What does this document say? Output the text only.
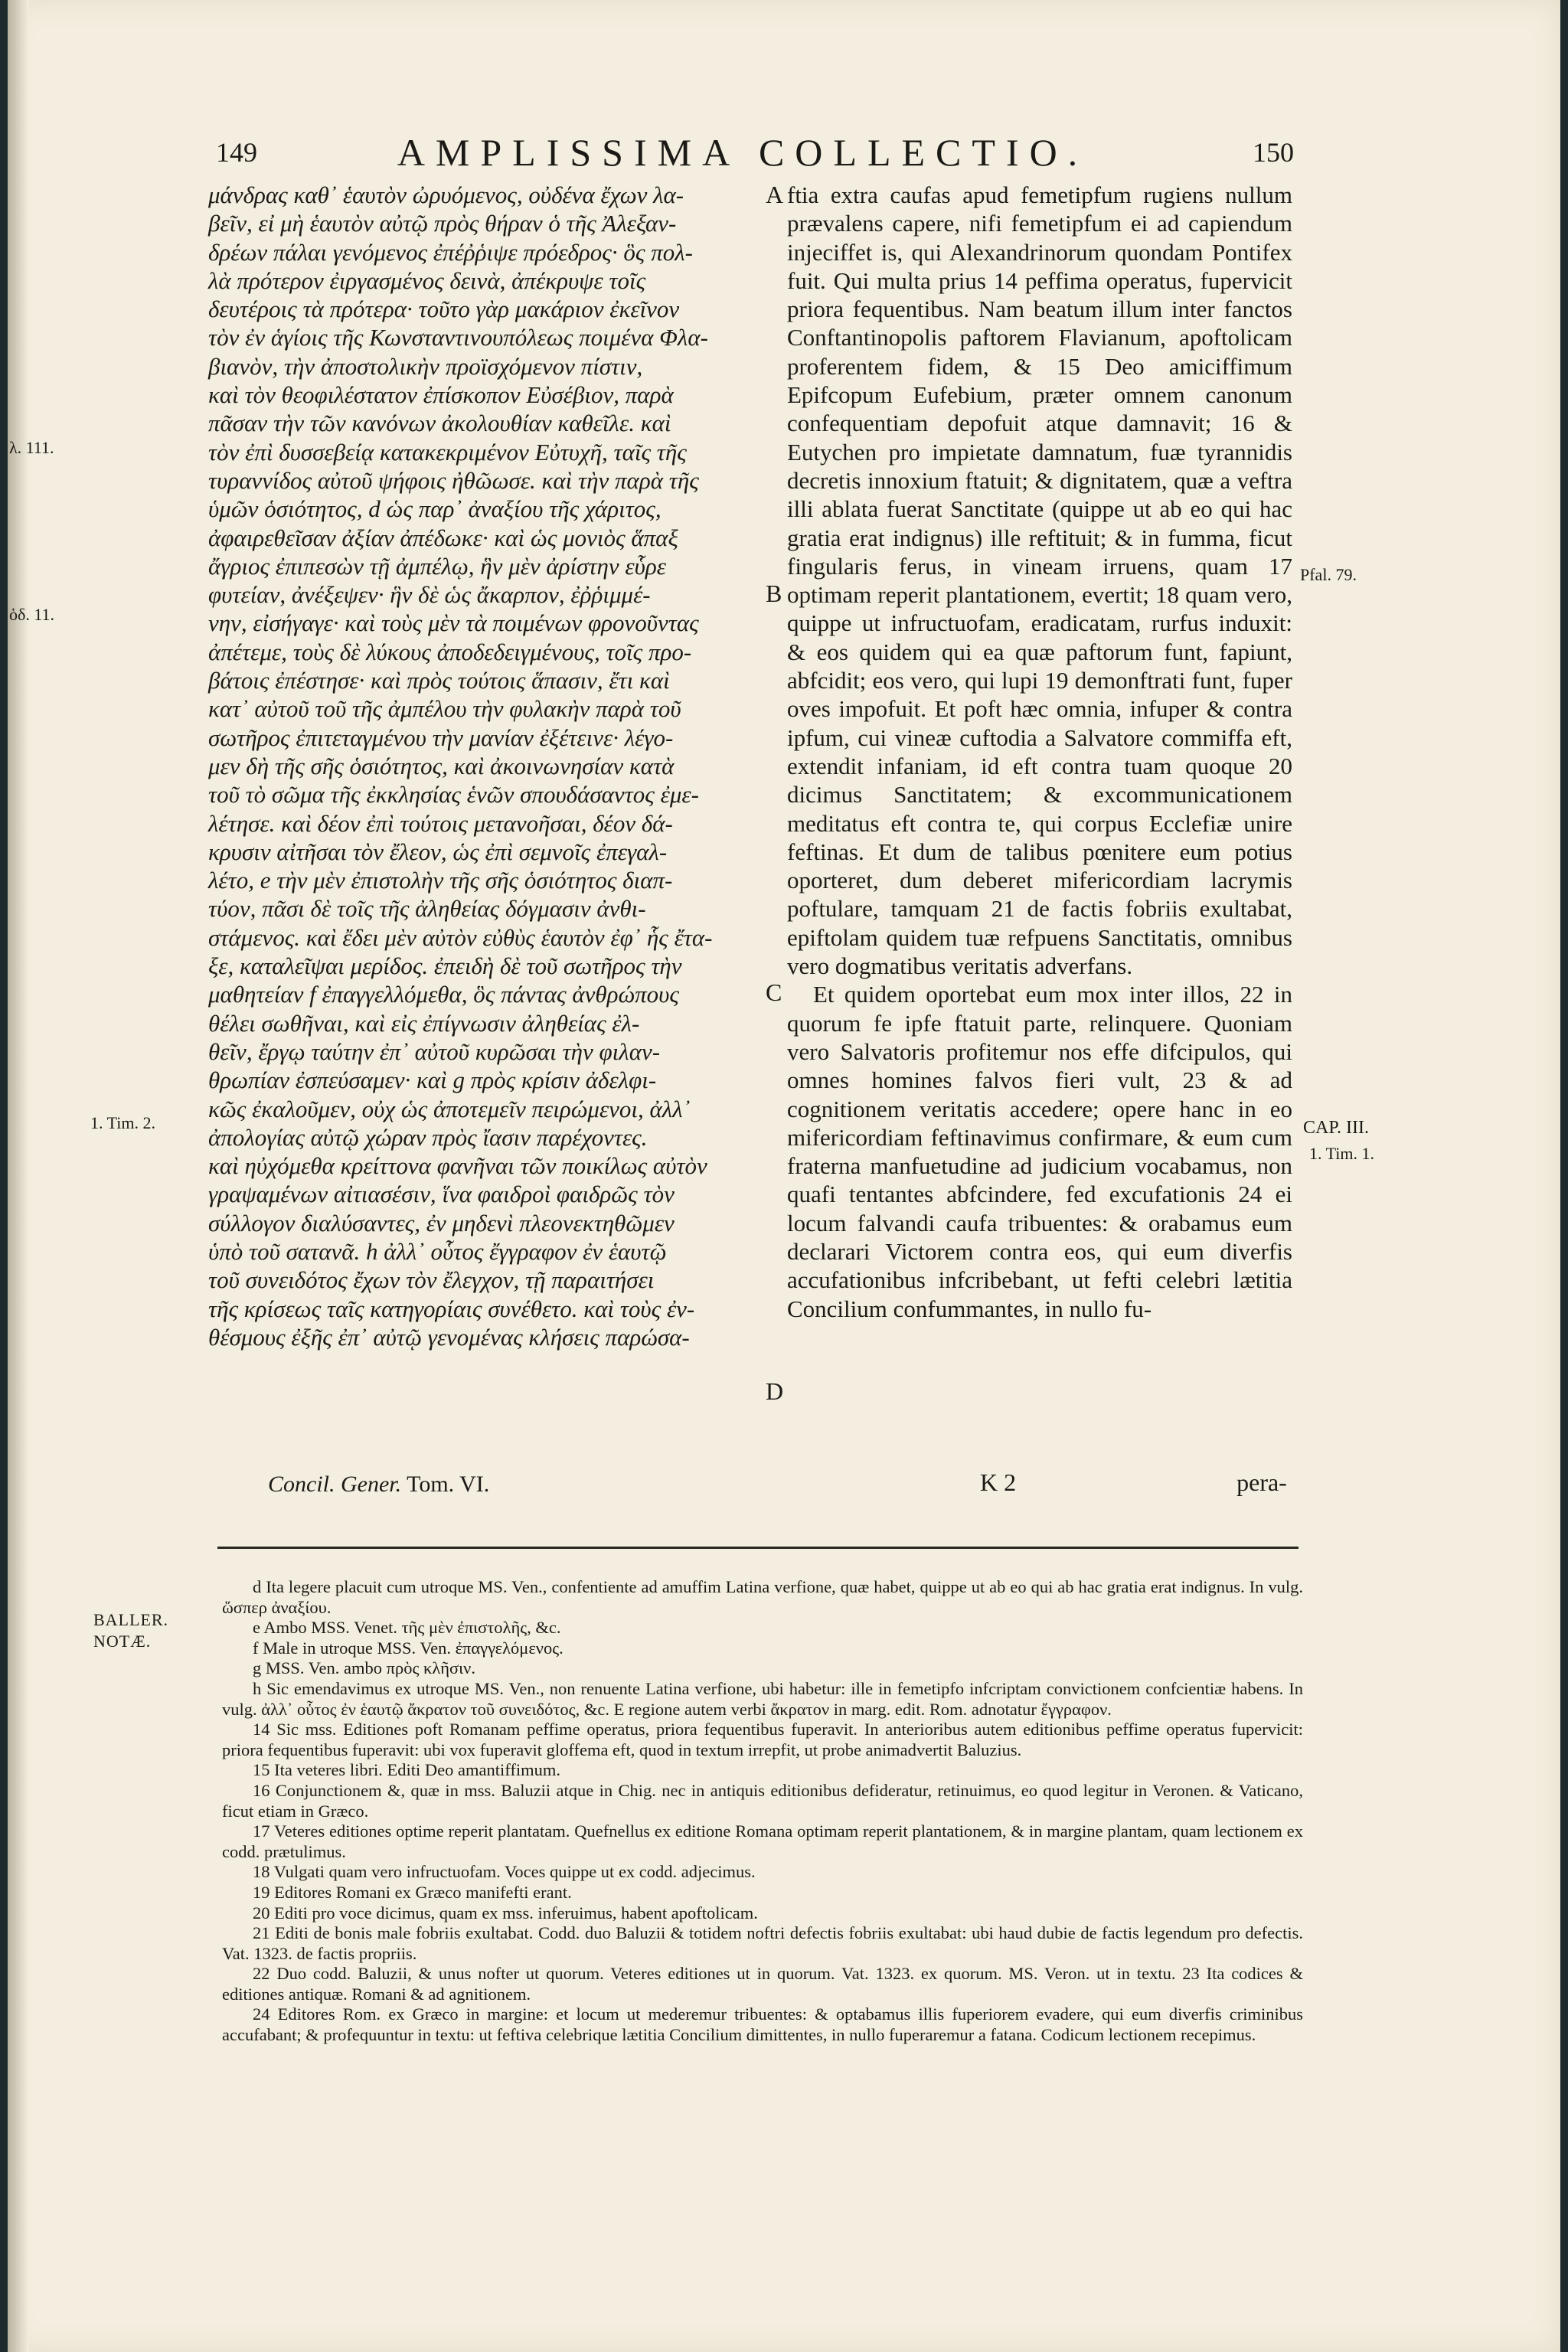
149	AMPLISSIMA COLLECTIO.	150
μάνδρας καθ᾿ ἑαυτὸν ὠρυόμενος, οὐδένα ἔχων λα-
βεῖν, εἰ μὴ ἑαυτὸν αὐτῷ πρὸς θήραν ὁ τῆς Ἀλεξαν-
δρέων πάλαι γενόμενος ἐπέῤῥιψε πρόεδρος· ὃς πολ-
λὰ πρότερον ἐιργασμένος δεινὰ, ἀπέκρυψε τοῖς
δευτέροις τὰ πρότερα· τοῦτο γὰρ μακάριον ἐκεῖνον
τὸν ἐν ἁγίοις τῆς Κωνσταντινουπόλεως ποιμένα Φλα-
βιανὸν, τὴν ἀποστολικὴν προϊσχόμενον πίστιν,
καὶ τὸν θεοφιλέστατον ἐπίσκοπον Εὐσέβιον, παρὰ
πᾶσαν τὴν τῶν κανόνων ἀκολουθίαν καθεῖλε. καὶ
τὸν ἐπὶ δυσσεβείᾳ κατακεκριμένον Εὐτυχῆ, ταῖς τῆς
τυραννίδος αὐτοῦ ψήφοις ἠθῶωσε. καὶ τὴν παρὰ τῆς
ὑμῶν ὁσιότητος, d ὡς παρ᾿ ἀναξίου τῆς χάριτος,
ἀφαιρεθεῖσαν ἀξίαν ἀπέδωκε· καὶ ὡς μονιὸς ἅπαξ
ἄγριος ἐπιπεσὼν τῇ ἀμπέλῳ, ἣν μὲν ἀρίστην εὗρε
φυτείαν, ἀνέξεψεν· ἣν δὲ ὡς ἄκαρπον, ἐῤῥιμμέ-
νην, εἰσήγαγε· καὶ τοὺς μὲν τὰ ποιμένων φρονοῦντας
ἀπέτεμε, τοὺς δὲ λύκους ἀποδεδειγμένους, τοῖς προ-
βάτοις ἐπέστησε· καὶ πρὸς τούτοις ἅπασιν, ἔτι καὶ
κατ᾿ αὐτοῦ τοῦ τῆς ἀμπέλου τὴν φυλακὴν παρὰ τοῦ
σωτῆρος ἐπιτεταγμένου τὴν μανίαν ἐξέτεινε· λέγο-
μεν δὴ τῆς σῆς ὁσιότητος, καὶ ἀκοινωνησίαν κατὰ
τοῦ τὸ σῶμα τῆς ἐκκλησίας ἑνῶν σπουδάσαντος ἐμε-
λέτησε. καὶ δέον ἐπὶ τούτοις μετανοῆσαι, δέον δά-
κρυσιν αἰτῆσαι τὸν ἔλεον, ὡς ἐπὶ σεμνοῖς ἐπεγαλ-
λέτο, e τὴν μὲν ἐπιστολὴν τῆς σῆς ὁσιότητος διαπ-
τύον, πᾶσι δὲ τοῖς τῆς ἀληθείας δόγμασιν ἀνθι-
στάμενος. καὶ ἔδει μὲν αὐτὸν εὐθὺς ἑαυτὸν ἐφ᾿ ἧς ἔτα-
ξε, καταλεῖψαι μερίδος. ἐπειδὴ δὲ τοῦ σωτῆρος τὴν
μαθητείαν f ἐπαγγελλόμεθα, ὃς πάντας ἀνθρώπους
θέλει σωθῆναι, καὶ εἰς ἐπίγνωσιν ἀληθείας ἐλ-
θεῖν, ἔργῳ ταύτην ἐπ᾿ αὐτοῦ κυρῶσαι τὴν φιλαν-
θρωπίαν ἐσπεύσαμεν· καὶ g πρὸς κρίσιν ἀδελφι-
κῶς ἐκαλοῦμεν, οὐχ ὡς ἀποτεμεῖν πειρώμενοι, ἀλλ᾿
ἀπολογίας αὐτῷ χώραν πρὸς ἴασιν παρέχοντες.
καὶ ηὐχόμεθα κρείττονα φανῆναι τῶν ποικίλως αὐτὸν
γραψαμένων αἰτιασέσιν, ἵνα φαιδροὶ φαιδρῶς τὸν
σύλλογον διαλύσαντες, ἐν μηδενὶ πλεονεκτηθῶμεν
ὑπὸ τοῦ σατανᾶ. h ἀλλ᾿ οὗτος ἔγγραφον ἐν ἑαυτῷ
τοῦ συνειδότος ἔχων τὸν ἔλεγχον, τῇ παραιτήσει
τῆς κρίσεως ταῖς κατηγορίαις συνέθετο. καὶ τοὺς ἐν-
θέσμους ἐξῆς ἐπ᾿ αὐτῷ γενομένας κλήσεις παρώσα-

ftia extra caufas apud femetipfum rugiens nullum prævalens capere, nifi femetipfum ei ad capiendum injeciffet is, qui Alexandrinorum quondam Pontifex fuit. Qui multa prius 14 peffima operatus, fupervicit priora fequentibus. Nam beatum illum inter fanctos Conftantinopolis paftorem Flavianum, apoftolicam proferentem fidem, & 15 Deo amiciffimum Epifcopum Eufebium, præter omnem canonum confequentiam depofuit atque damnavit; 16 & Eutychen pro impietate damnatum, fuæ tyrannidis decretis innoxium ftatuit; & dignitatem, quæ a veftra illi ablata fuerat Sanctitate (quippe ut ab eo qui hac gratia erat indignus) ille reftituit; & in fumma, ficut fingularis ferus, in vineam irruens, quam 17 optimam reperit plantationem, evertit; 18 quam vero, quippe ut infructuofam, eradicatam, rurfus induxit: & eos quidem qui ea quæ paftorum funt, fapiunt, abfcidit; eos vero, qui lupi 19 demonftrati funt, fuper oves impofuit. Et poft hæc omnia, infuper & contra ipfum, cui vineæ cuftodia a Salvatore commiffa eft, extendit infaniam, id eft contra tuam quoque 20 dicimus Sanctitatem; & excommunicationem meditatus eft contra te, qui corpus Ecclefiæ unire feftinas. Et dum de talibus pœnitere eum potius oporteret, dum deberet mifericordiam lacrymis poftulare, tamquam 21 de factis fobriis exultabat, epiftolam quidem tuæ refpuens Sanctitatis, omnibus vero dogmatibus veritatis adverfans.

Et quidem oportebat eum mox inter illos, 22 in quorum fe ipfe ftatuit parte, relinquere. Quoniam vero Salvatoris profitemur nos effe difcipulos, qui omnes homines falvos fieri vult, 23 & ad cognitionem veritatis accedere; opere hanc in eo mifericordiam feftinavimus confirmare, & eum cum fraterna manfuetudine ad judicium vocabamus, non quafi tentantes abfcindere, fed excufationis 24 ei locum falvandi caufa tribuentes: & orabamus eum declarari Victorem contra eos, qui eum diverfis accufationibus infcribebant, ut fefti celebri lætitia Concilium confummantes, in nullo fu-

A
B
C
D
λ. 111.
ὁδ. 11.
1. Tim. 2.
Pfal. 79.
CAP. III.
1. Tim. 1.
Concil. Gener. Tom. VI.	K 2	pera-
BALLER.
NOTÆ.

d Ita legere placuit cum utroque MS. Ven., confentiente ad amuffim Latina verfione, quæ habet, quippe ut ab eo qui ab hac gratia erat indignus. In vulg. ὥσπερ ἀναξίου.

e Ambo MSS. Venet. τῆς μὲν ἐπιστολῆς, &c.

f Male in utroque MSS. Ven. ἐπαγγελόμενος.

g MSS. Ven. ambo πρὸς κλῆσιν.

h Sic emendavimus ex utroque MS. Ven., non renuente Latina verfione, ubi habetur: ille in femetipfo infcriptam convictionem confcientiæ habens. In vulg. ἀλλ᾿ οὗτος ἐν ἑαυτῷ ἄκρατον τοῦ συνειδότος, &c. E regione autem verbi ἄκρατον in marg. edit. Rom. adnotatur ἔγγραφον.

14 Sic mss. Editiones poft Romanam peffime operatus, priora fequentibus fuperavit. In anterioribus autem editionibus peffime operatus fupervicit: priora fequentibus fuperavit: ubi vox fuperavit gloffema eft, quod in textum irrepfit, ut probe animadvertit Baluzius.

15 Ita veteres libri. Editi Deo amantiffimum.

16 Conjunctionem &, quæ in mss. Baluzii atque in Chig. nec in antiquis editionibus defideratur, retinuimus, eo quod legitur in Veronen. & Vaticano, ficut etiam in Græco.

17 Veteres editiones optime reperit plantatam. Quefnellus ex editione Romana optimam reperit plantationem, & in margine plantam, quam lectionem ex codd. prætulimus.

18 Vulgati quam vero infructuofam. Voces quippe ut ex codd. adjecimus.

19 Editores Romani ex Græco manifefti erant.

20 Editi pro voce dicimus, quam ex mss. inferuimus, habent apoftolicam.

21 Editi de bonis male fobriis exultabat. Codd. duo Baluzii & totidem noftri defectis fobriis exultabat: ubi haud dubie de factis legendum pro defectis. Vat. 1323. de factis propriis.

22 Duo codd. Baluzii, & unus nofter ut quorum. Veteres editiones ut in quorum. Vat. 1323. ex quorum. MS. Veron. ut in textu. 23 Ita codices & editiones antiquæ. Romani & ad agnitionem.

24 Editores Rom. ex Græco in margine: et locum ut mederemur tribuentes: & optabamus illis fuperiorem evadere, qui eum diverfis criminibus accufabant; & profequuntur in textu: ut feftiva celebrique lætitia Concilium dimittentes, in nullo fuperaremur a fatana. Codicum lectionem recepimus.
